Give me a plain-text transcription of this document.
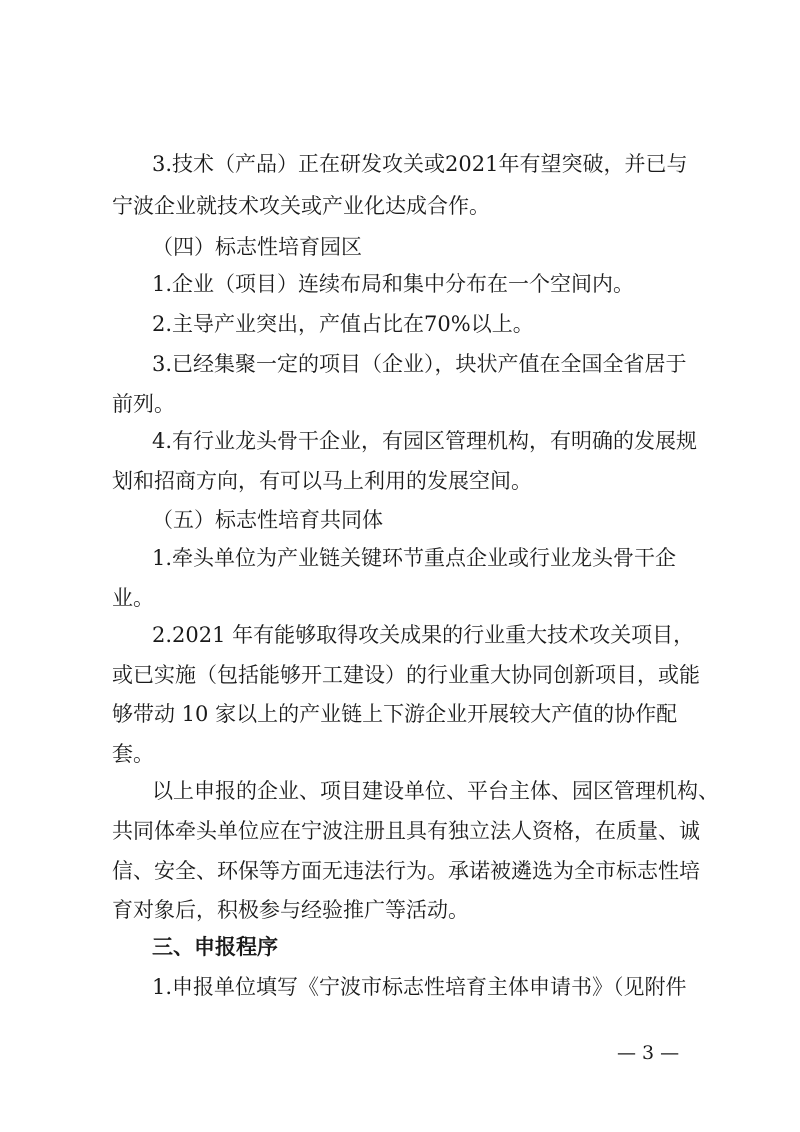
3.技术（产品）正在研发攻关或2021年有望突破，并已与
宁波企业就技术攻关或产业化达成合作。
（四）标志性培育园区
1.企业（项目）连续布局和集中分布在一个空间内。
2.主导产业突出，产值占比在70%以上。
3.已经集聚一定的项目（企业），块状产值在全国全省居于
前列。
4.有行业龙头骨干企业，有园区管理机构，有明确的发展规
划和招商方向，有可以马上利用的发展空间。
（五）标志性培育共同体
1.牵头单位为产业链关键环节重点企业或行业龙头骨干企
业。
2.2021 年有能够取得攻关成果的行业重大技术攻关项目，
或已实施（包括能够开工建设）的行业重大协同创新项目，或能
够带动 10 家以上的产业链上下游企业开展较大产值的协作配
套。
以上申报的企业、项目建设单位、平台主体、园区管理机构、
共同体牵头单位应在宁波注册且具有独立法人资格，在质量、诚
信、安全、环保等方面无违法行为。承诺被遴选为全市标志性培
育对象后，积极参与经验推广等活动。
三、申报程序
1.申报单位填写《宁波市标志性培育主体申请书》（见附件
— 3 —
